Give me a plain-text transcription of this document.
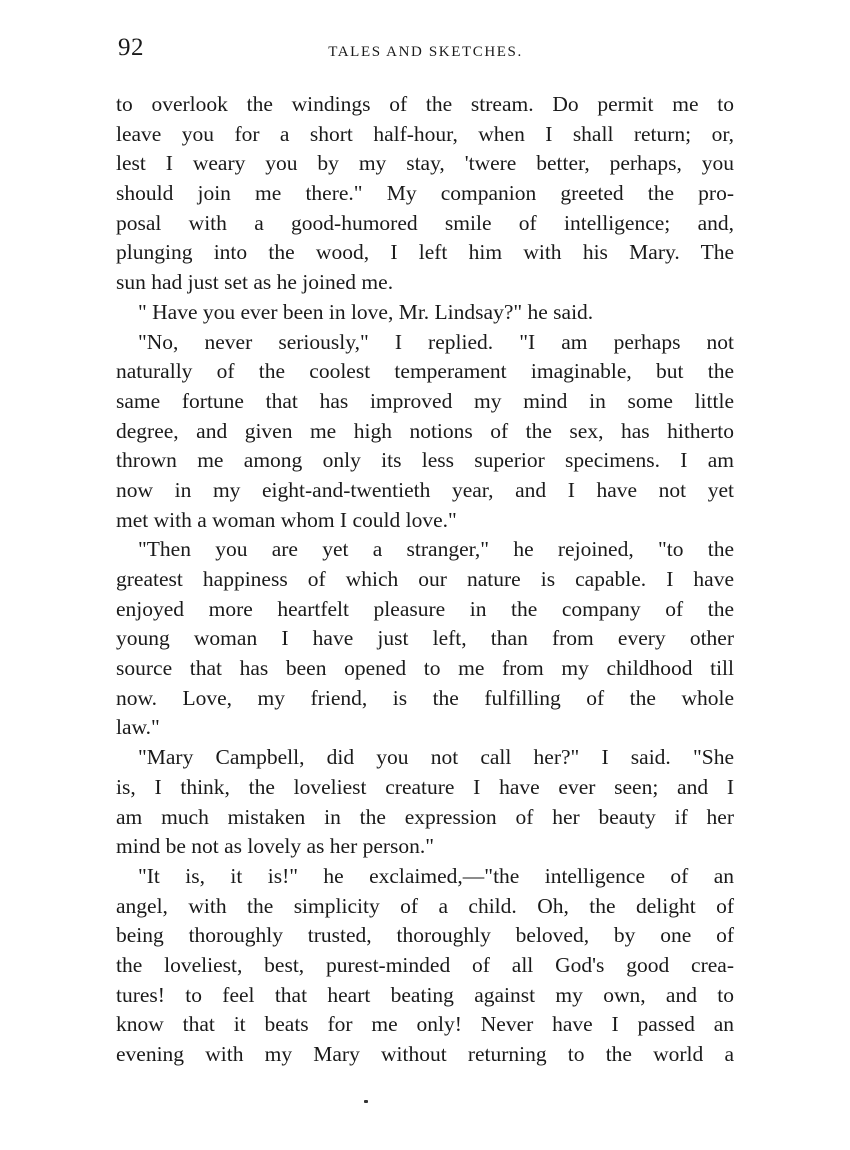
92	TALES AND SKETCHES.
to overlook the windings of the stream. Do permit me to
leave you for a short half-hour, when I shall return; or,
lest I weary you by my stay, 'twere better, perhaps, you
should join me there." My companion greeted the pro-
posal with a good-humored smile of intelligence; and,
plunging into the wood, I left him with his Mary. The
sun had just set as he joined me.
" Have you ever been in love, Mr. Lindsay?" he said.
"No, never seriously," I replied. "I am perhaps not
naturally of the coolest temperament imaginable, but the
same fortune that has improved my mind in some little
degree, and given me high notions of the sex, has hitherto
thrown me among only its less superior specimens. I am
now in my eight-and-twentieth year, and I have not yet
met with a woman whom I could love."
"Then you are yet a stranger," he rejoined, "to the
greatest happiness of which our nature is capable. I have
enjoyed more heartfelt pleasure in the company of the
young woman I have just left, than from every other
source that has been opened to me from my childhood till
now. Love, my friend, is the fulfilling of the whole
law."
"Mary Campbell, did you not call her?" I said. "She
is, I think, the loveliest creature I have ever seen; and I
am much mistaken in the expression of her beauty if her
mind be not as lovely as her person."
"It is, it is!" he exclaimed,—"the intelligence of an
angel, with the simplicity of a child. Oh, the delight of
being thoroughly trusted, thoroughly beloved, by one of
the loveliest, best, purest-minded of all God's good crea-
tures! to feel that heart beating against my own, and to
know that it beats for me only! Never have I passed an
evening with my Mary without returning to the world a
